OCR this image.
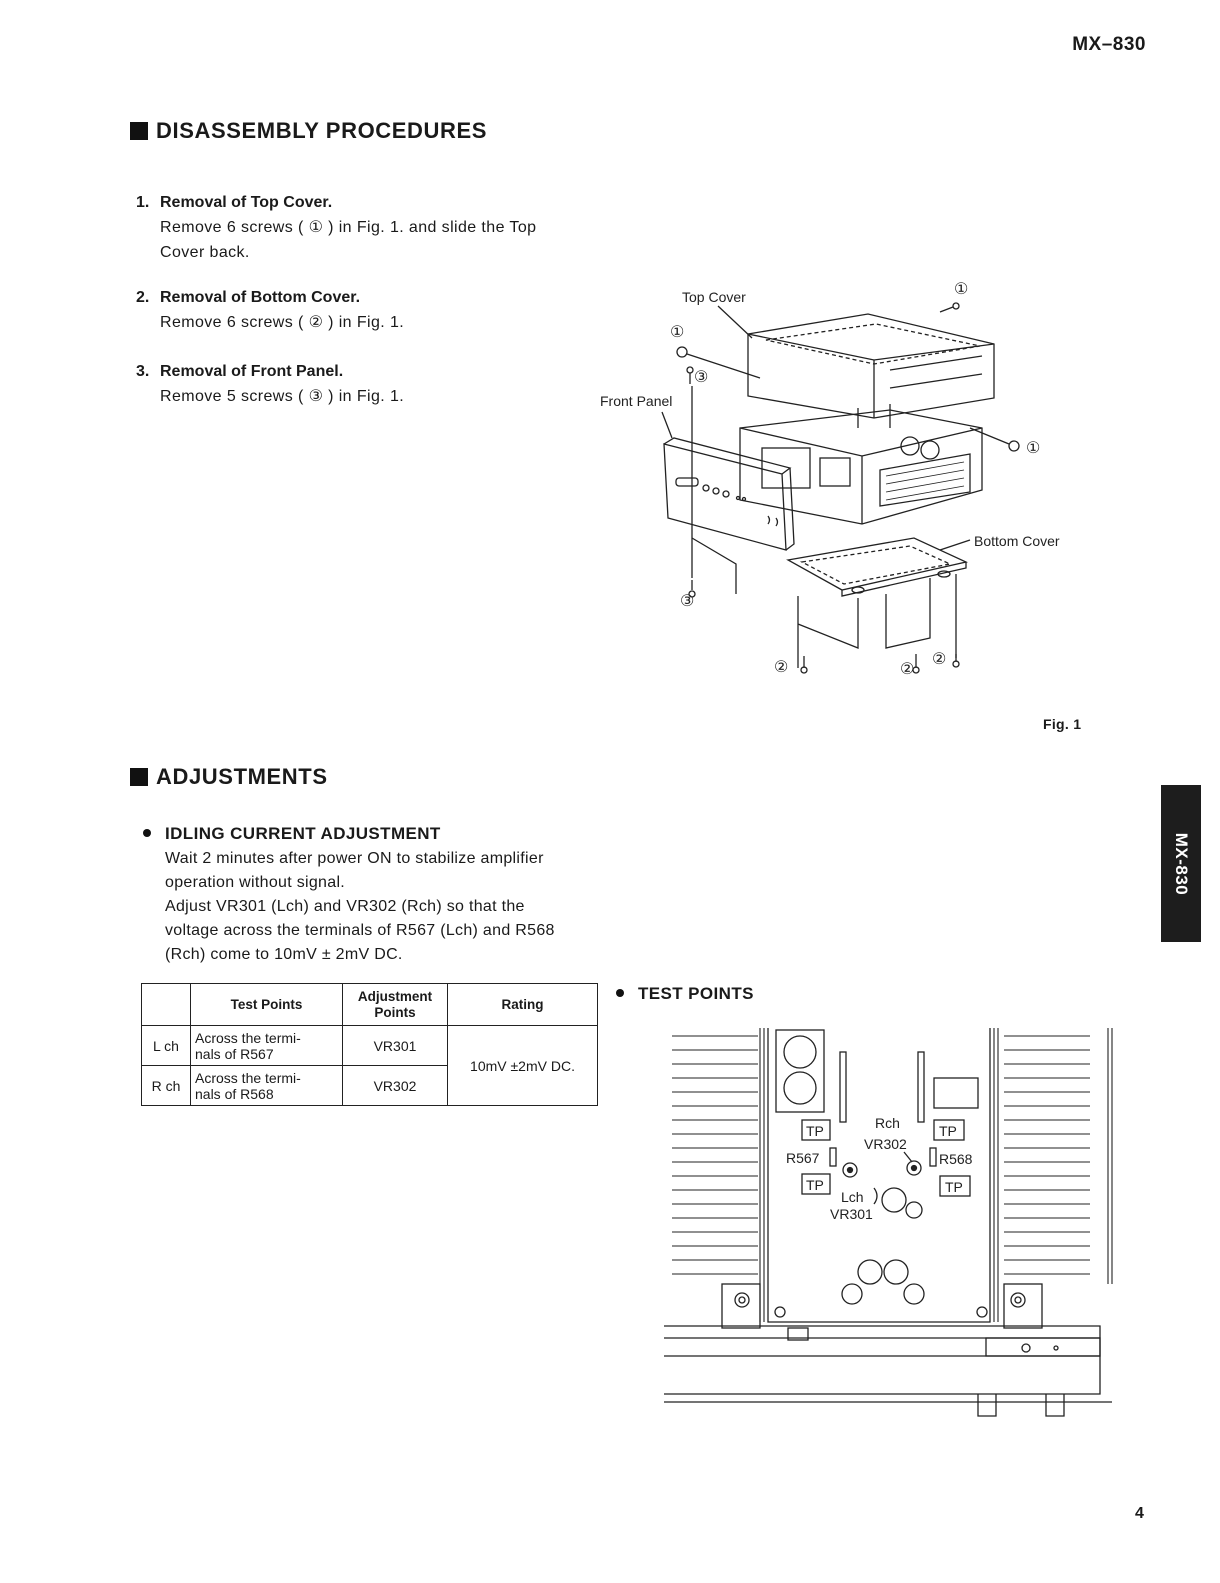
MX–830
DISASSEMBLY PROCEDURES
1. Removal of Top Cover.
Remove 6 screws ( ① ) in Fig. 1. and slide the Top
Cover back.
2. Removal of Bottom Cover.
Remove 6 screws ( ② ) in Fig. 1.
3. Removal of Front Panel.
Remove 5 screws ( ③ ) in Fig. 1.
Top Cover
Front Panel
Bottom Cover
①
①
①
③
③
②	②
②
Fig. 1
ADJUSTMENTS
IDLING CURRENT ADJUSTMENT
Wait 2 minutes after power ON to stabilize amplifier
operation without signal.
Adjust VR301 (Lch) and VR302 (Rch) so that the
voltage across the terminals of R567 (Lch) and R568
(Rch) come to 10mV ± 2mV DC.
	Test Points	Adjustment Points	Rating
L ch	Across the termi-
nals of R567	VR301	10mV ±2mV DC.
R ch	Across the termi-
nals of R568	VR302	
TEST POINTS
TP	TP
TP	TP
R567	R568
Rch
VR302
Lch
VR301
MX-830
4
